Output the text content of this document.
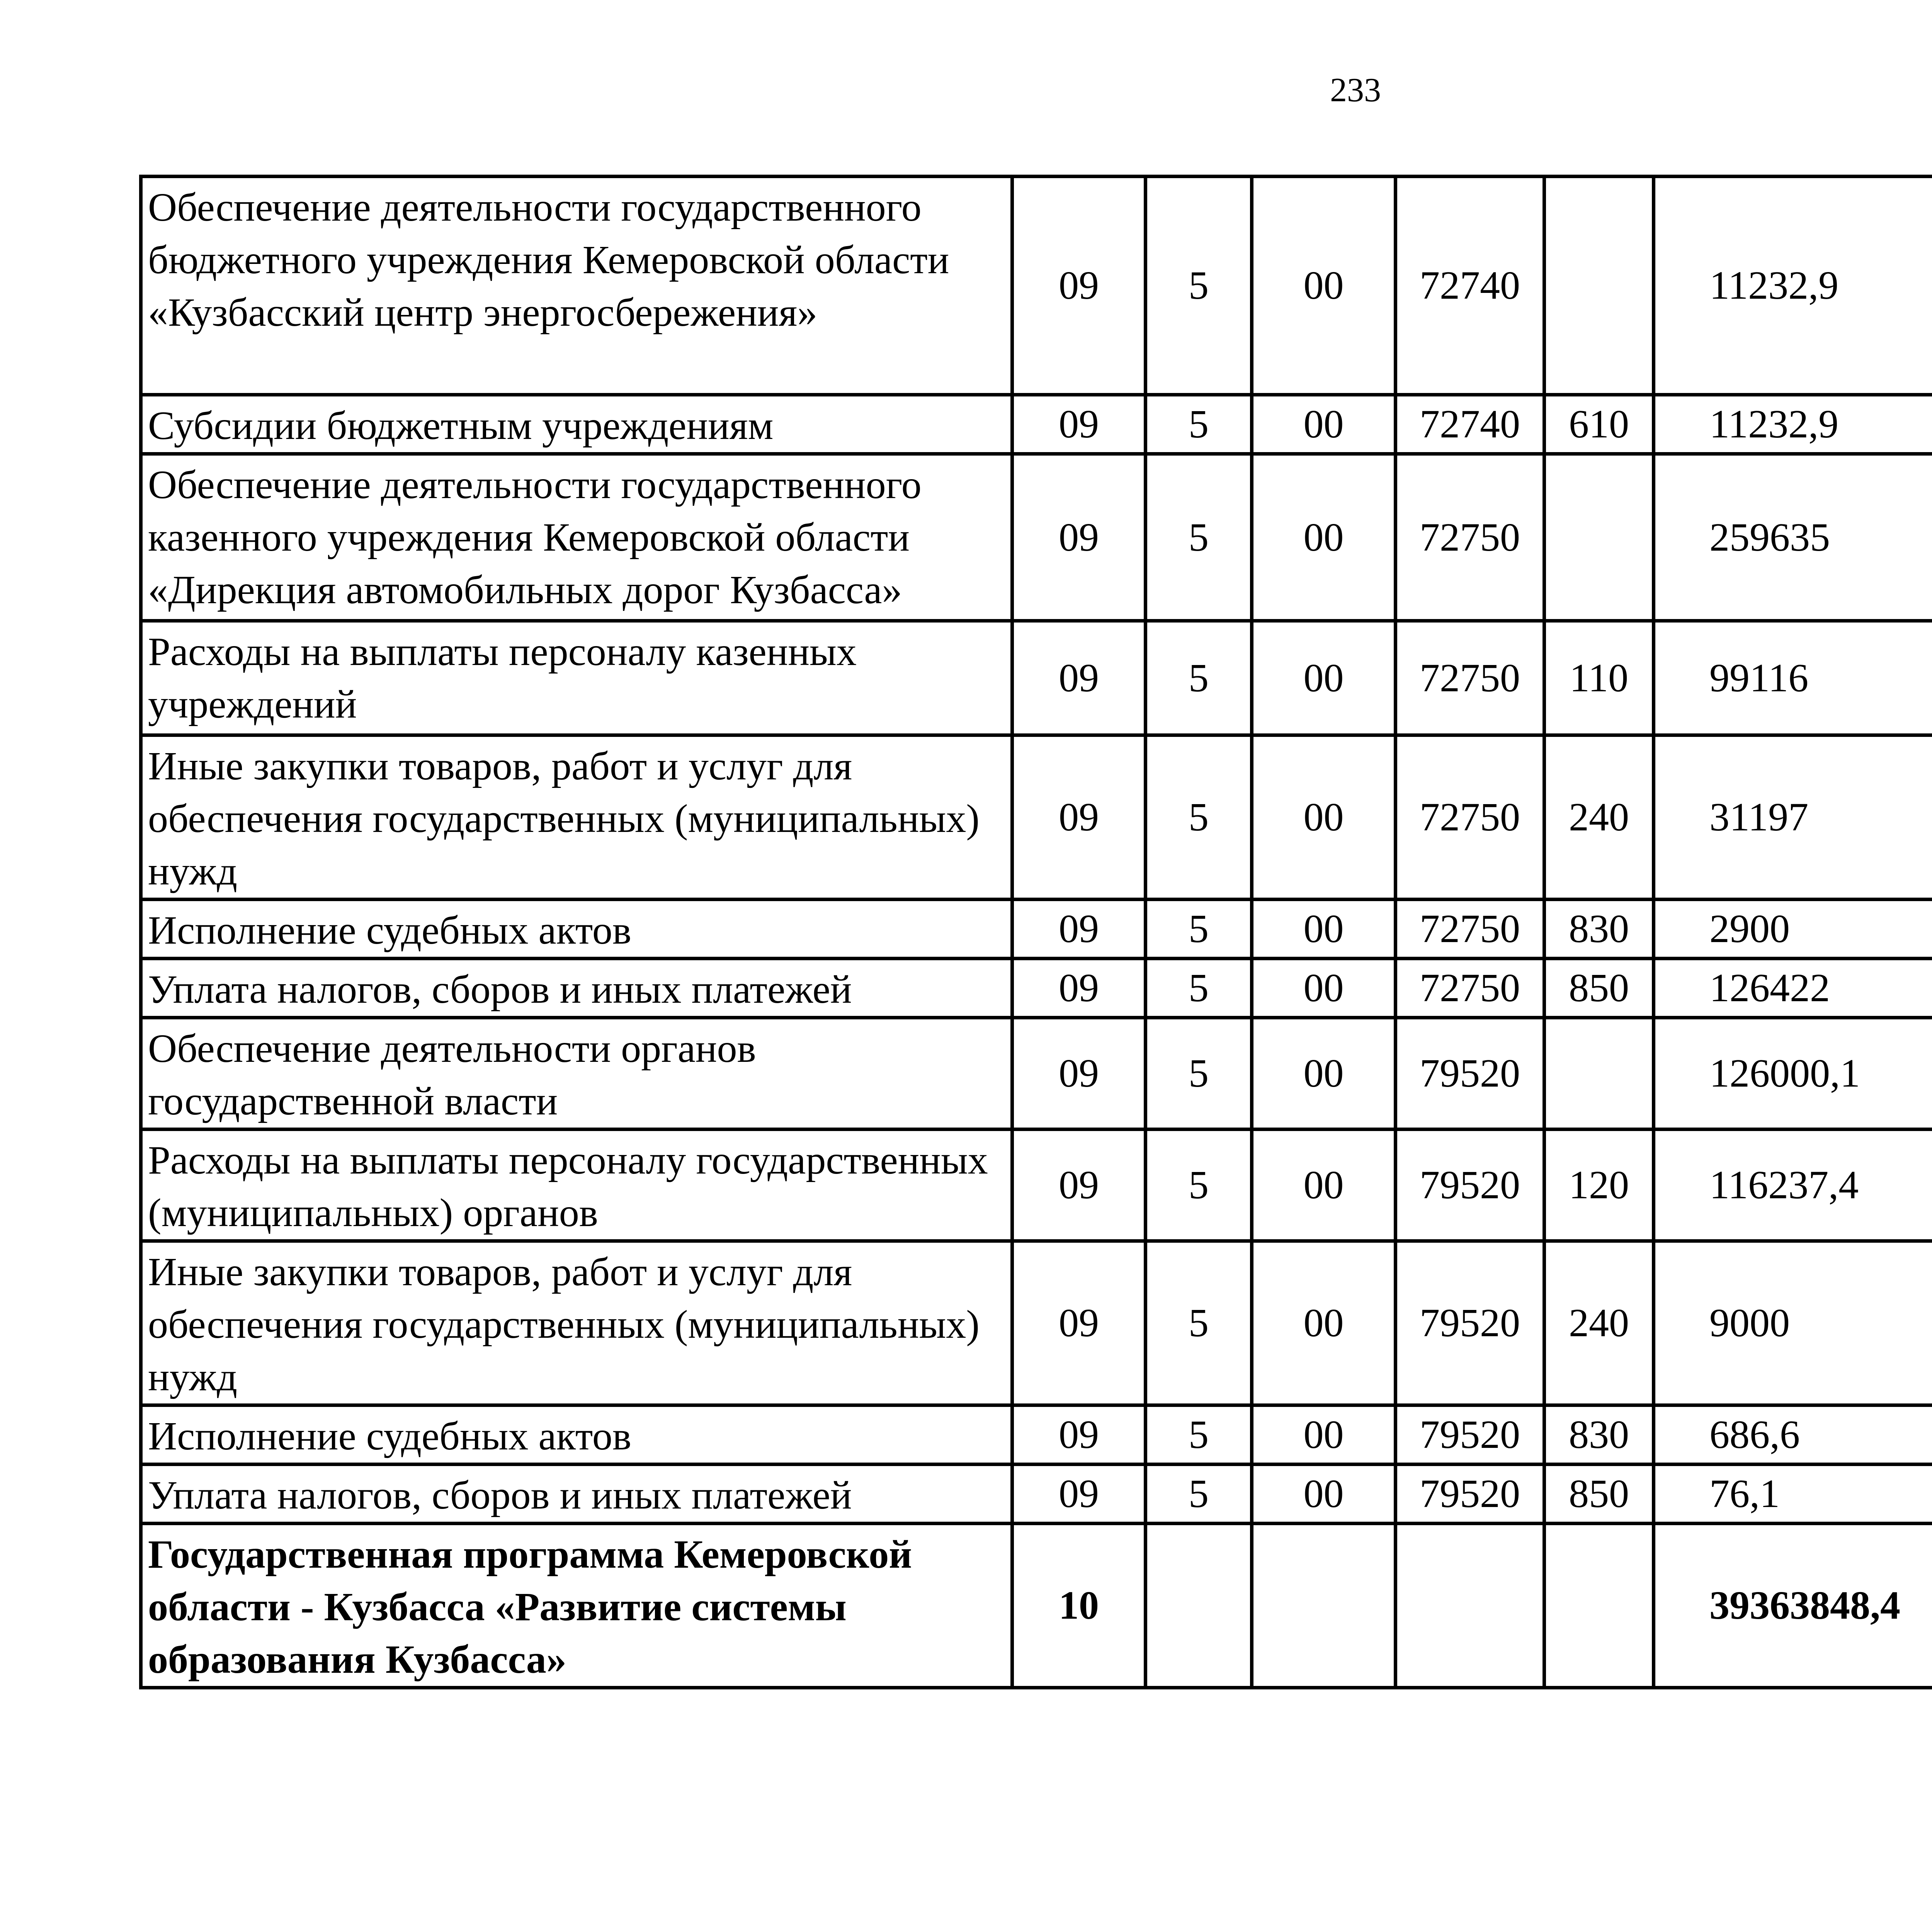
233
Обеспечение деятельности государственного бюджетного учреждения Кемеровской области «Кузбасский центр энергосбережения»	09	5	00	72740		11232,9		
Субсидии бюджетным учреждениям	09	5	00	72740	610	11232,9		
Обеспечение деятельности государственного казенного учреждения Кемеровской области «Дирекция автомобильных дорог Кузбасса»	09	5	00	72750		259635		
Расходы на выплаты персоналу казенных учреждений	09	5	00	72750	110	99116		
Иные закупки товаров, работ и услуг для обеспечения государственных (муниципальных) нужд	09	5	00	72750	240	31197		
Исполнение судебных актов	09	5	00	72750	830	2900		
Уплата налогов, сборов и иных платежей	09	5	00	72750	850	126422		
Обеспечение деятельности органов государственной власти	09	5	00	79520		126000,1		
Расходы на выплаты персоналу государственных (муниципальных) органов	09	5	00	79520	120	116237,4		
Иные закупки товаров, работ и услуг для обеспечения государственных (муниципальных) нужд	09	5	00	79520	240	9000		
Исполнение судебных актов	09	5	00	79520	830	686,6		
Уплата налогов, сборов и иных платежей	09	5	00	79520	850	76,1		
Государственная программа Кемеровской области - Кузбасса «Развитие системы образования Кузбасса»	10					39363848,4		
